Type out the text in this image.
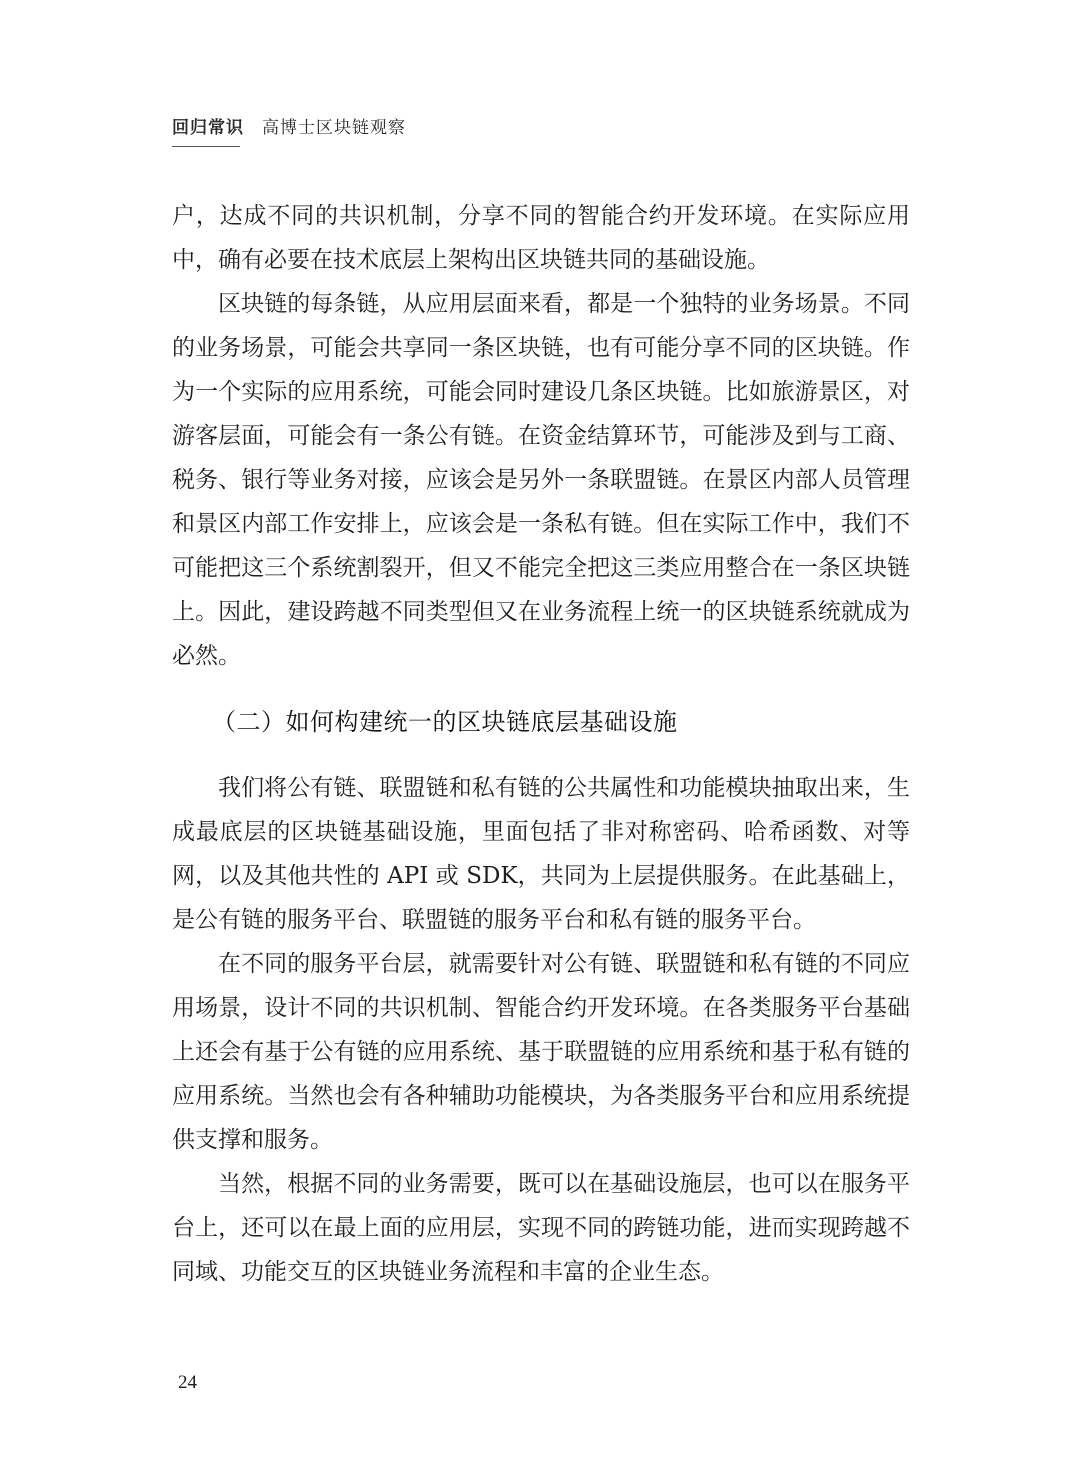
回归常识 高博士区块链观察

户，达成不同的共识机制，分享不同的智能合约开发环境。在实际应用中，确有必要在技术底层上架构出区块链共同的基础设施。

区块链的每条链，从应用层面来看，都是一个独特的业务场景。不同的业务场景，可能会共享同一条区块链，也有可能分享不同的区块链。作为一个实际的应用系统，可能会同时建设几条区块链。比如旅游景区，对游客层面，可能会有一条公有链。在资金结算环节，可能涉及到与工商、税务、银行等业务对接，应该会是另外一条联盟链。在景区内部人员管理和景区内部工作安排上，应该会是一条私有链。但在实际工作中，我们不可能把这三个系统割裂开，但又不能完全把这三类应用整合在一条区块链上。因此，建设跨越不同类型但又在业务流程上统一的区块链系统就成为必然。

（二）如何构建统一的区块链底层基础设施

我们将公有链、联盟链和私有链的公共属性和功能模块抽取出来，生成最底层的区块链基础设施，里面包括了非对称密码、哈希函数、对等网，以及其他共性的 API 或 SDK，共同为上层提供服务。在此基础上，是公有链的服务平台、联盟链的服务平台和私有链的服务平台。

在不同的服务平台层，就需要针对公有链、联盟链和私有链的不同应用场景，设计不同的共识机制、智能合约开发环境。在各类服务平台基础上还会有基于公有链的应用系统、基于联盟链的应用系统和基于私有链的应用系统。当然也会有各种辅助功能模块，为各类服务平台和应用系统提供支撑和服务。

当然，根据不同的业务需要，既可以在基础设施层，也可以在服务平台上，还可以在最上面的应用层，实现不同的跨链功能，进而实现跨越不同域、功能交互的区块链业务流程和丰富的企业生态。

24
